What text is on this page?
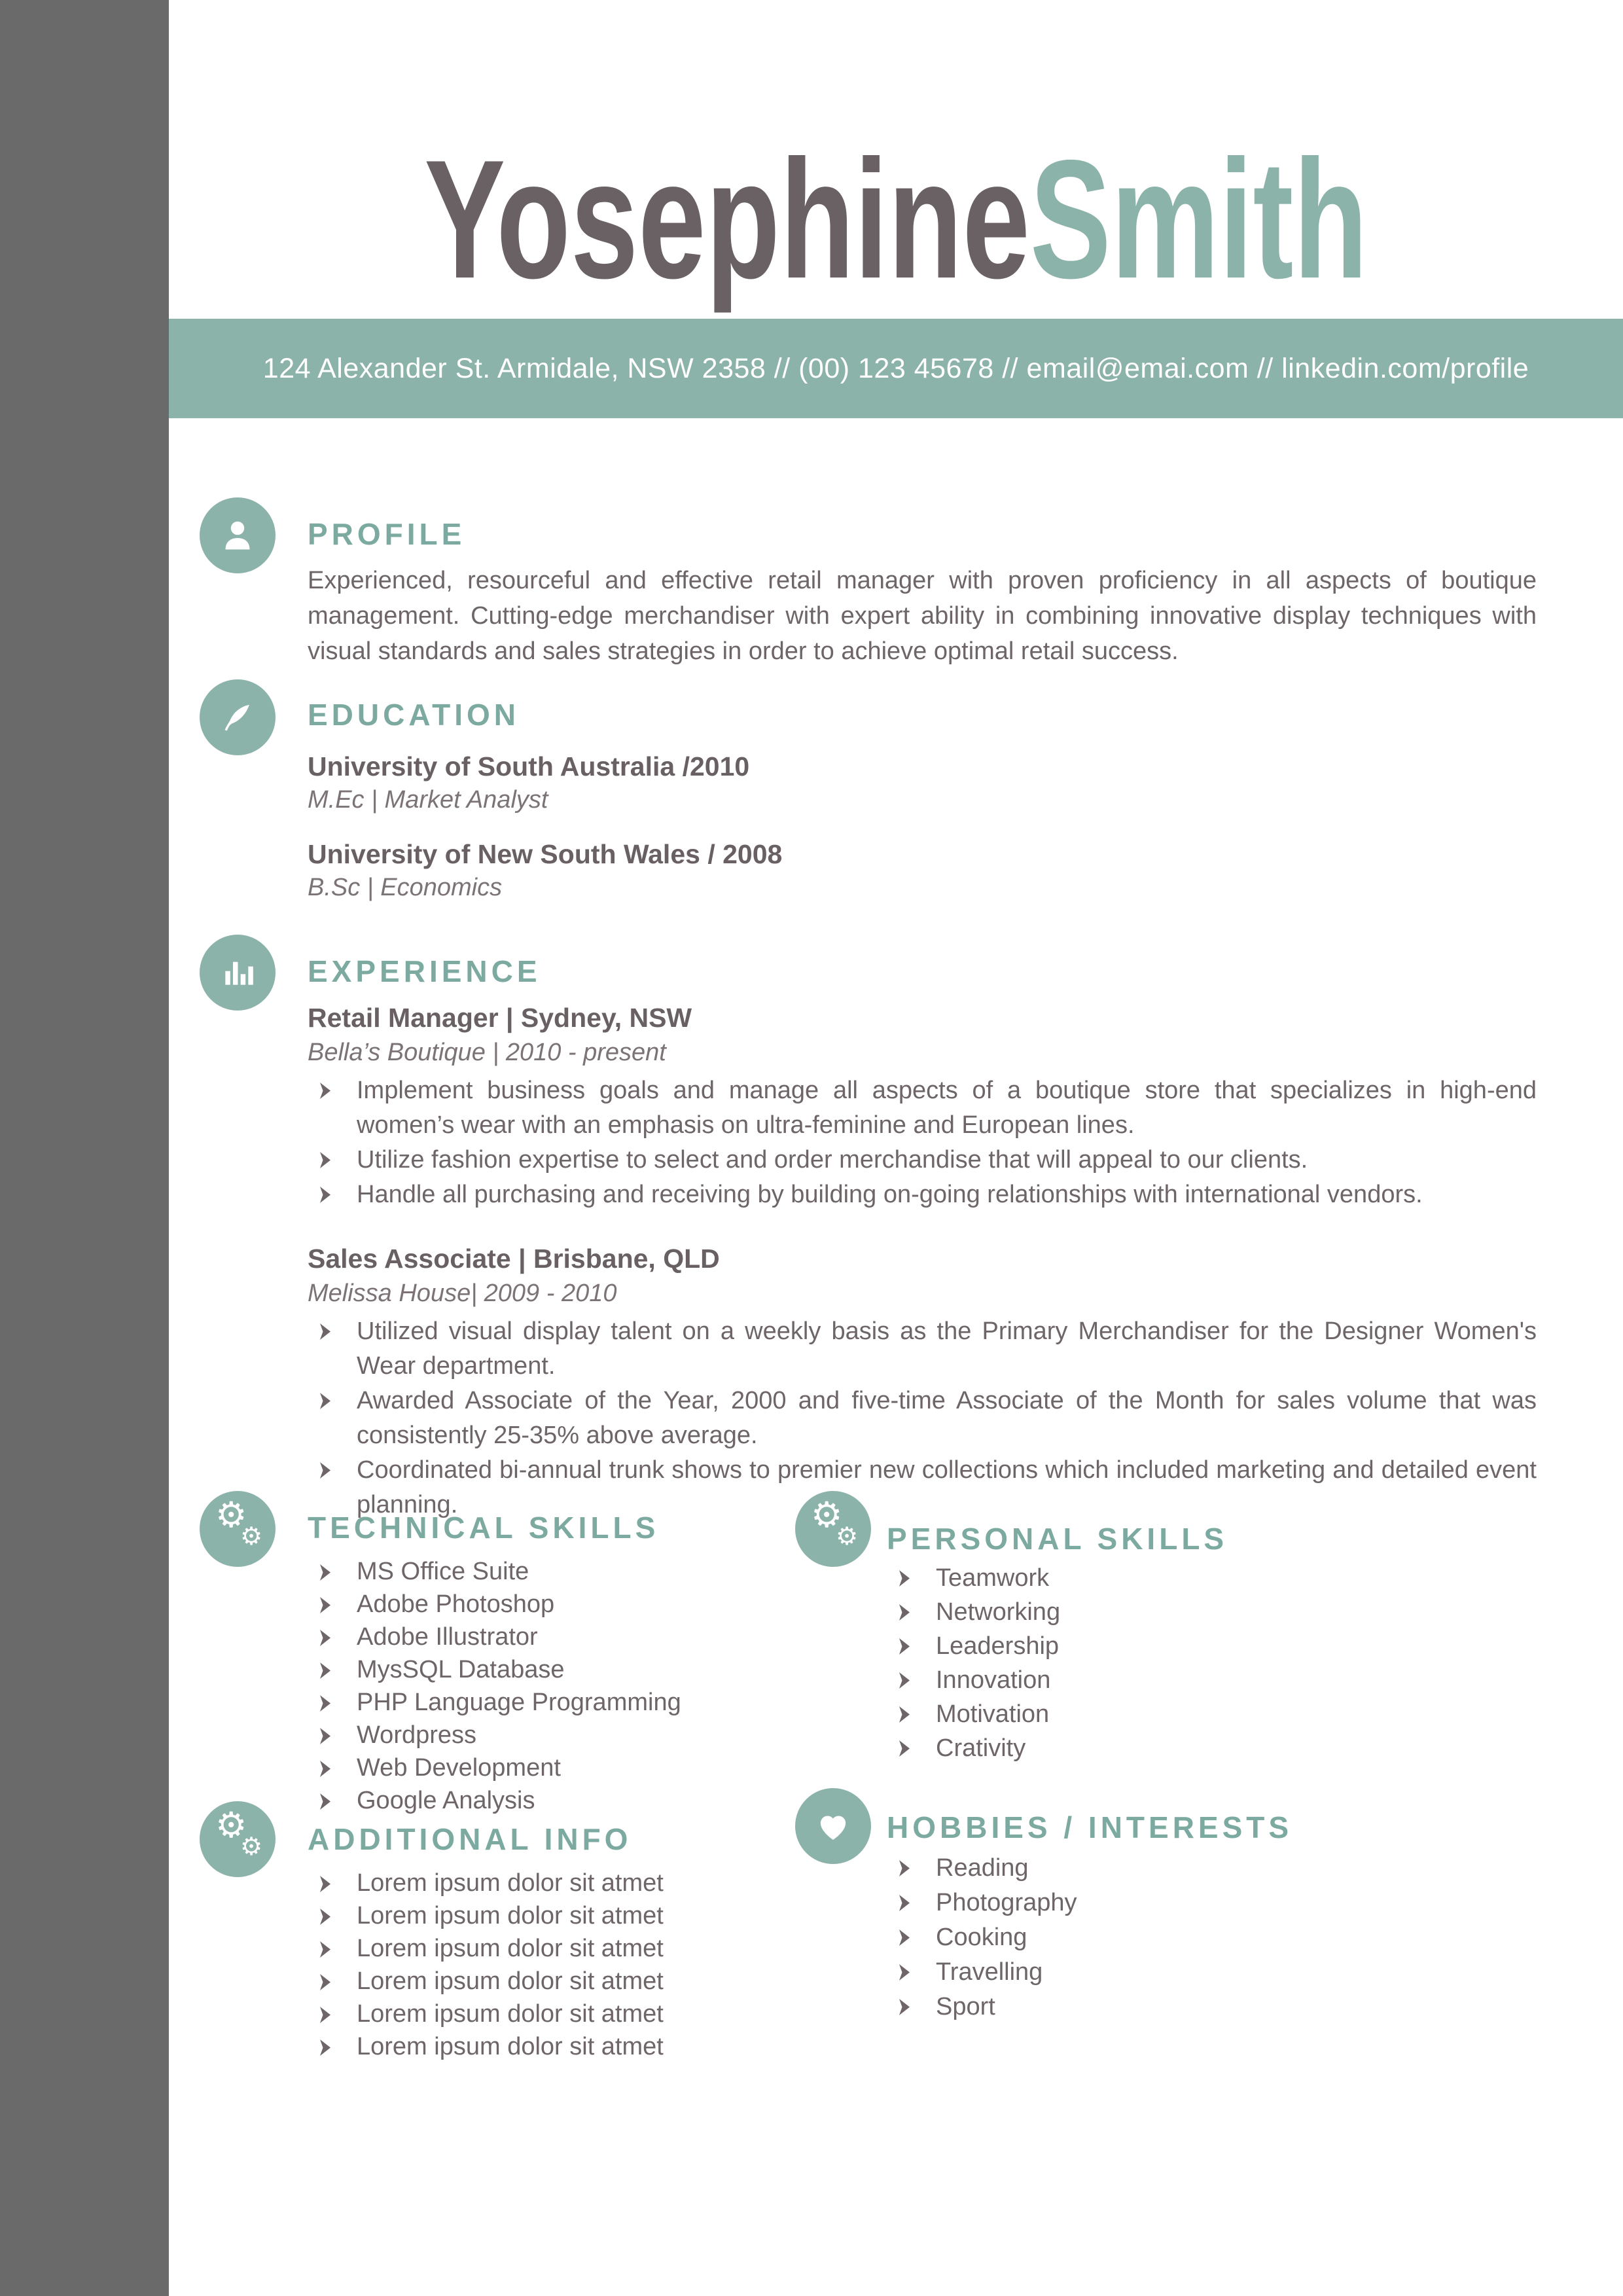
YosephineSmith
124 Alexander St. Armidale, NSW 2358 // (00) 123 45678 // email@emai.com // linkedin.com/profile
PROFILE

Experienced, resourceful and effective retail manager with proven proficiency in all aspects of boutique management. Cutting-edge merchandiser with expert ability in combining innovative display techniques with visual standards and sales strategies in order to achieve optimal retail success.

EDUCATION
University of South Australia /2010
M.Ec | Market Analyst
University of New South Wales / 2008
B.Sc | Economics
EXPERIENCE
Retail Manager | Sydney, NSW
Bella’s Boutique | 2010 - present
Implement business goals and manage all aspects of a boutique store that specializes in high-end women’s wear with an emphasis on ultra-feminine and European lines.
Utilize fashion expertise to select and order merchandise that will appeal to our clients.
Handle all purchasing and receiving by building on-going relationships with international vendors.
Sales Associate | Brisbane, QLD
Melissa House| 2009 - 2010
Utilized visual display talent on a weekly basis as the Primary Merchandiser for the Designer Women's Wear department.
Awarded Associate of the Year, 2000 and five-time Associate of the Month for sales volume that was consistently 25-35% above average.
Coordinated bi-annual trunk shows to premier new collections which included marketing and detailed event planning.
⚙
⚙ TECHNICAL SKILLS
MS Office Suite
Adobe Photoshop
Adobe Illustrator
MysSQL Database
PHP Language Programming
Wordpress
Web Development
Google Analysis
⚙
⚙ PERSONAL SKILLS
Teamwork
Networking
Leadership
Innovation
Motivation
Crativity
⚙
⚙ ADDITIONAL INFO
Lorem ipsum dolor sit atmet
Lorem ipsum dolor sit atmet
Lorem ipsum dolor sit atmet
Lorem ipsum dolor sit atmet
Lorem ipsum dolor sit atmet
Lorem ipsum dolor sit atmet
HOBBIES / INTERESTS
Reading
Photography
Cooking
Travelling
Sport
